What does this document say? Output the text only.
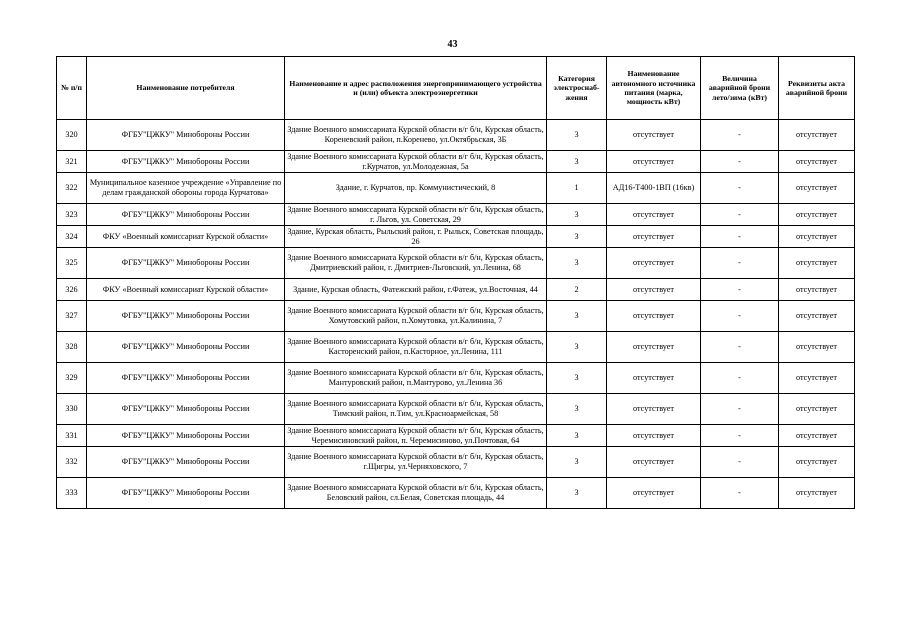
43
№ п/п	Наименование потребителя	Наименование и адрес расположения энергопринимающего устройства и (или) объекта электроэнергетики	Категория электроснаб-жения	Наименование автономного источника питания (марка, мощность кВт)	Величина аварийной брони лето/зима (кВт)	Реквизиты акта аварийной брони
320	ФГБУ"ЦЖКУ" Минобороны России	Здание Военного комиссариата Курской области в/г б/н, Курская область, Кореневский район, п.Коренево, ул.Октябрьская, 3Б	3	отсутствует	-	отсутствует
321	ФГБУ"ЦЖКУ" Минобороны России	Здание Военного комиссариата Курской области в/г б/н, Курская область, г.Курчатов, ул.Молодежная, 5а	3	отсутствует	-	отсутствует
322	Муниципальное казенное учреждение «Управление по делам гражданской обороны города Курчатова»	Здание, г. Курчатов, пр. Коммунистический, 8	1	АД16-Т400-1ВП (16кв)	-	отсутствует
323	ФГБУ"ЦЖКУ" Минобороны России	Здание Военного комиссариата Курской области в/г б/н, Курская область, г. Льгов, ул. Советская, 29	3	отсутствует	-	отсутствует
324	ФКУ «Военный комиссариат Курской области»	Здание, Курская область, Рыльский район, г. Рыльск, Советская площадь, 26	3	отсутствует	-	отсутствует
325	ФГБУ"ЦЖКУ" Минобороны России	Здание Военного комиссариата Курской области в/г б/н, Курская область, Дмитриевский район, г. Дмитриев-Льговский, ул.Ленина, 68	3	отсутствует	-	отсутствует
326	ФКУ «Военный комиссариат Курской области»	Здание, Курская область, Фатежский район, г.Фатеж, ул.Восточная, 44	2	отсутствует	-	отсутствует
327	ФГБУ"ЦЖКУ" Минобороны России	Здание Военного комиссариата Курской области в/г б/н, Курская область, Хомутовский район, п.Хомутовка, ул.Калинина, 7	3	отсутствует	-	отсутствует
328	ФГБУ"ЦЖКУ" Минобороны России	Здание Военного комиссариата Курской области в/г б/н, Курская область, Касторенский район, п.Касторное, ул.Ленина, 111	3	отсутствует	-	отсутствует
329	ФГБУ"ЦЖКУ" Минобороны России	Здание Военного комиссариата Курской области в/г б/н, Курская область, Мантуровский район, п.Мантурово, ул.Ленина 36	3	отсутствует	-	отсутствует
330	ФГБУ"ЦЖКУ" Минобороны России	Здание Военного комиссариата Курской области в/г б/н, Курская область, Тимский район, п.Тим, ул.Красноармейская, 58	3	отсутствует	-	отсутствует
331	ФГБУ"ЦЖКУ" Минобороны России	Здание Военного комиссариата Курской области в/г б/н, Курская область, Черемисиновский район, п. Черемисиново, ул.Почтовая, 64	3	отсутствует	-	отсутствует
332	ФГБУ"ЦЖКУ" Минобороны России	Здание Военного комиссариата Курской области в/г б/н, Курская область, г.Щигры, ул.Черняховского, 7	3	отсутствует	-	отсутствует
333	ФГБУ"ЦЖКУ" Минобороны России	Здание Военного комиссариата Курской области в/г б/н, Курская область, Беловский район, сл.Белая, Советская площадь, 44	3	отсутствует	-	отсутствует
